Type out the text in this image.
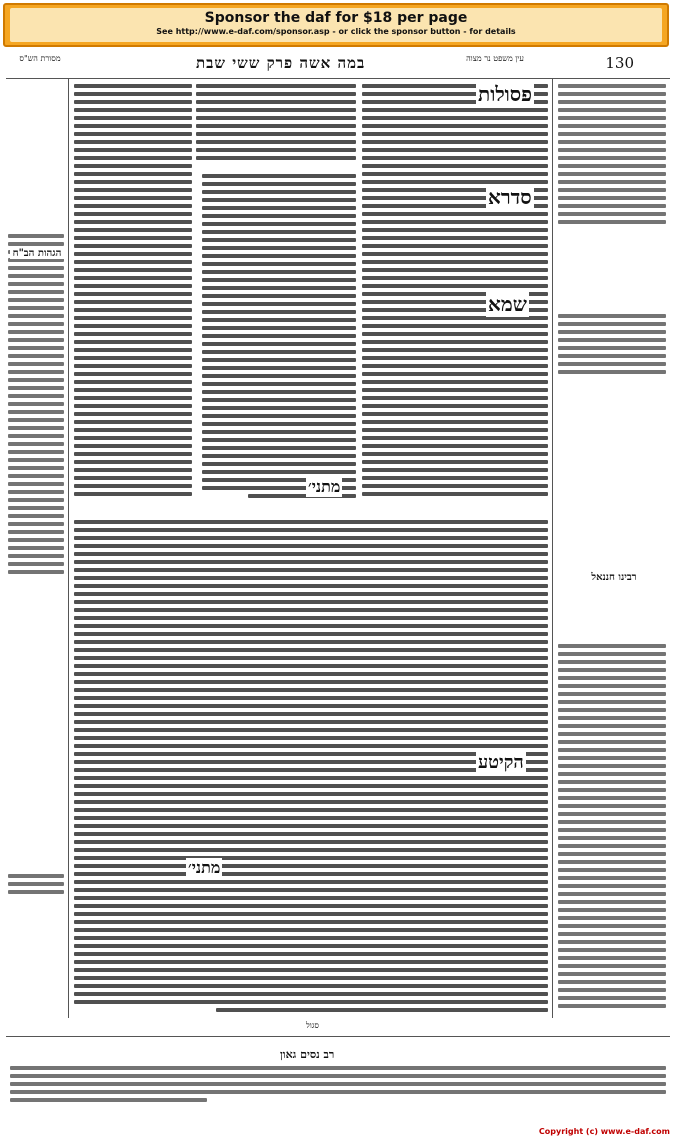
Sponsor the daf for $18 per page
See http://www.e-daf.com/sponsor.asp - or click the sponsor button - for details
מסורת הש"ס	במה אשה פרק ששי שבת	130
עין משפט נר מצוה
הגהות הב"ח
מתני׳
פסולות
סדרא
שמא
רבינו חננאל
הקיטע
מתני׳
סגול
רב נסים גאון
Copyright (c) www.e-daf.com
